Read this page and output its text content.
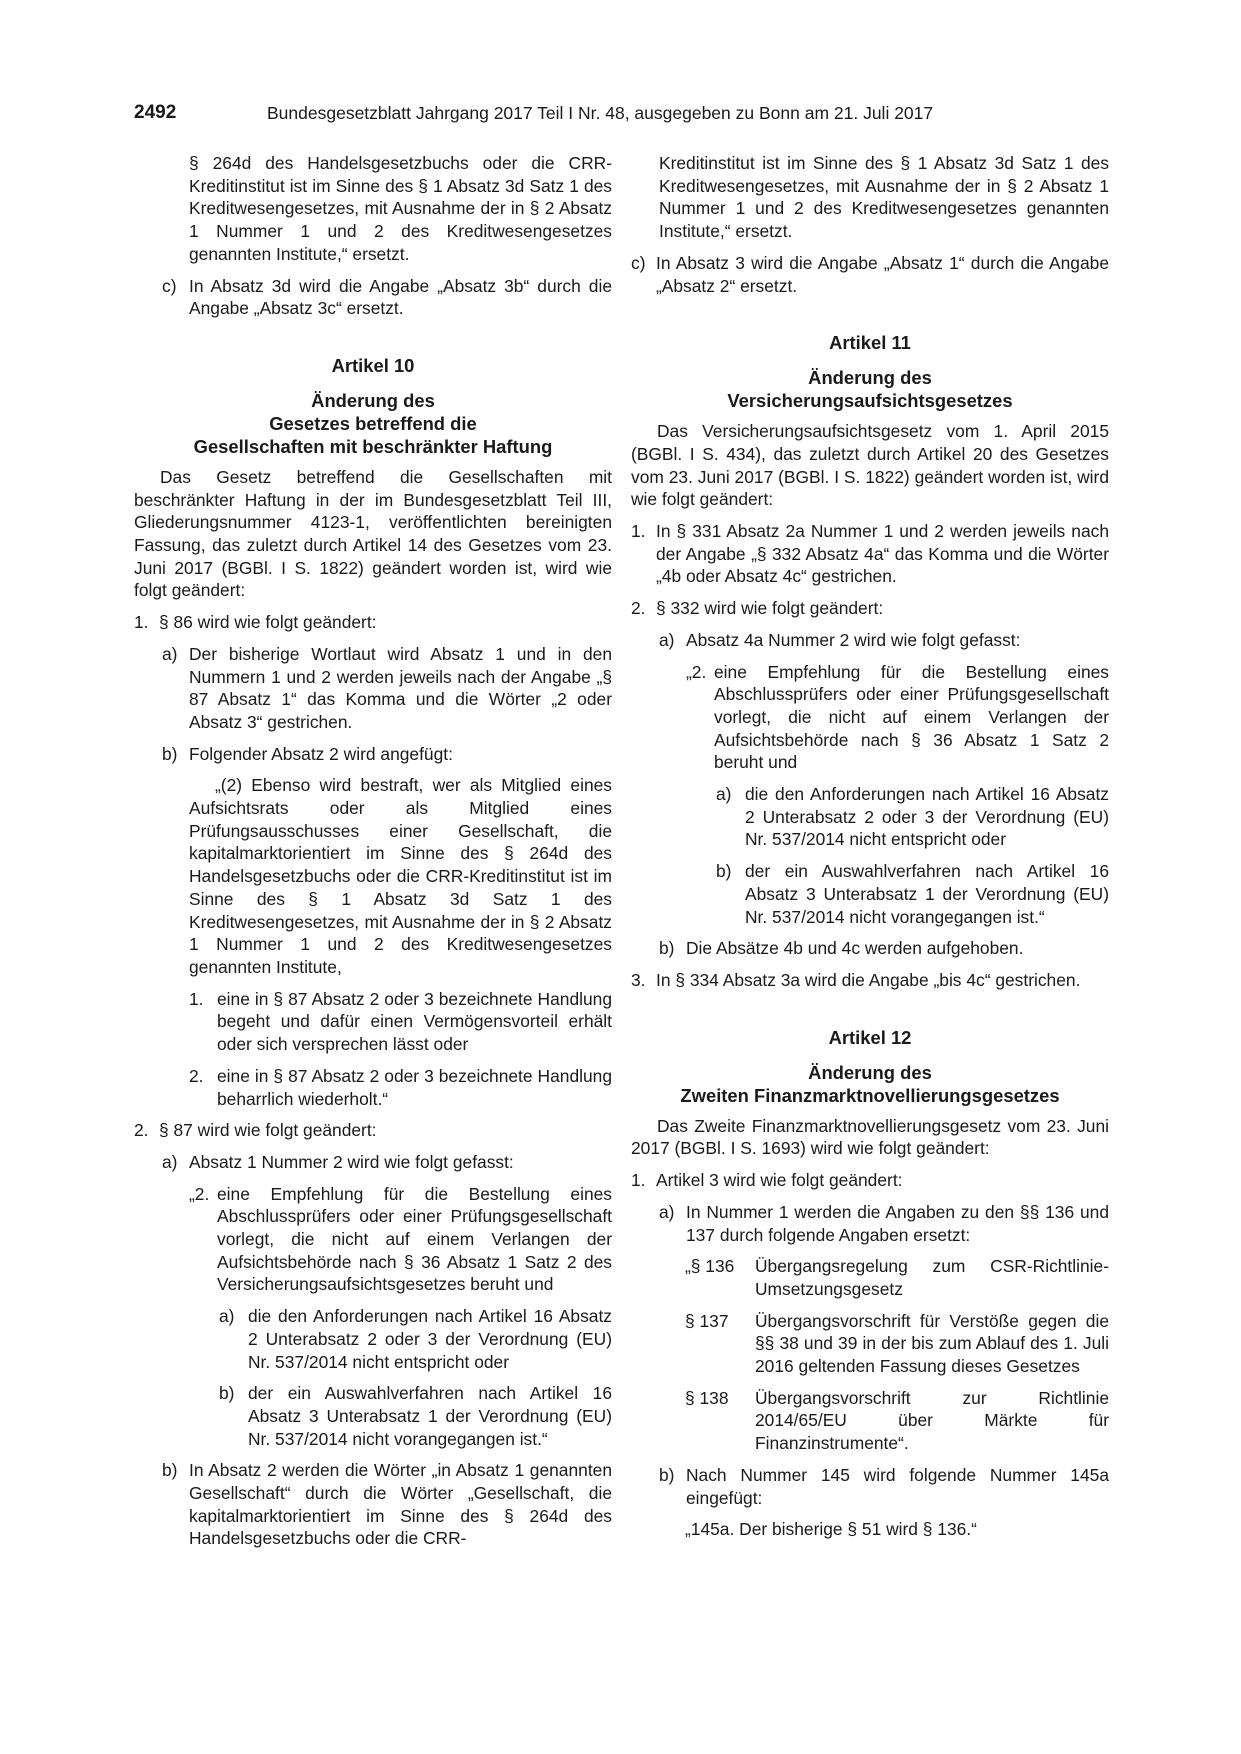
2492	Bundesgesetzblatt Jahrgang 2017 Teil I Nr. 48, ausgegeben zu Bonn am 21. Juli 2017

§ 264d des Handelsgesetzbuchs oder die CRR-Kreditinstitut ist im Sinne des § 1 Absatz 3d Satz 1 des Kreditwesengesetzes, mit Ausnahme der in § 2 Absatz 1 Nummer 1 und 2 des Kreditwesengesetzes genannten Institute,“ ersetzt.

c) In Absatz 3d wird die Angabe „Absatz 3b“ durch die Angabe „Absatz 3c“ ersetzt.

Artikel 10

Änderung des

Gesetzes betreffend die

Gesellschaften mit beschränkter Haftung

Das Gesetz betreffend die Gesellschaften mit beschränkter Haftung in der im Bundesgesetzblatt Teil III, Gliederungsnummer 4123-1, veröffentlichten bereinigten Fassung, das zuletzt durch Artikel 14 des Gesetzes vom 23. Juni 2017 (BGBl. I S. 1822) geändert worden ist, wird wie folgt geändert:

1. § 86 wird wie folgt geändert:
a) Der bisherige Wortlaut wird Absatz 1 und in den Nummern 1 und 2 werden jeweils nach der Angabe „§ 87 Absatz 1“ das Komma und die Wörter „2 oder Absatz 3“ gestrichen.
b) Folgender Absatz 2 wird angefügt:

„(2) Ebenso wird bestraft, wer als Mitglied eines Aufsichtsrats oder als Mitglied eines Prüfungsausschusses einer Gesellschaft, die kapitalmarktorientiert im Sinne des § 264d des Handelsgesetzbuchs oder die CRR-Kreditinstitut ist im Sinne des § 1 Absatz 3d Satz 1 des Kreditwesengesetzes, mit Ausnahme der in § 2 Absatz 1 Nummer 1 und 2 des Kreditwesengesetzes genannten Institute,

1. eine in § 87 Absatz 2 oder 3 bezeichnete Handlung begeht und dafür einen Vermögensvorteil erhält oder sich versprechen lässt oder
2. eine in § 87 Absatz 2 oder 3 bezeichnete Handlung beharrlich wiederholt.“
2. § 87 wird wie folgt geändert:
a) Absatz 1 Nummer 2 wird wie folgt gefasst:
„2. eine Empfehlung für die Bestellung eines Abschlussprüfers oder einer Prüfungsgesellschaft vorlegt, die nicht auf einem Verlangen der Aufsichtsbehörde nach § 36 Absatz 1 Satz 2 des Versicherungsaufsichtsgesetzes beruht und
a) die den Anforderungen nach Artikel 16 Absatz 2 Unterabsatz 2 oder 3 der Verordnung (EU) Nr. 537/2014 nicht entspricht oder
b) der ein Auswahlverfahren nach Artikel 16 Absatz 3 Unterabsatz 1 der Verordnung (EU) Nr. 537/2014 nicht vorangegangen ist.“
b) In Absatz 2 werden die Wörter „in Absatz 1 genannten Gesellschaft“ durch die Wörter „Gesellschaft, die kapitalmarktorientiert im Sinne des § 264d des Handelsgesetzbuchs oder die CRR-

Kreditinstitut ist im Sinne des § 1 Absatz 3d Satz 1 des Kreditwesengesetzes, mit Ausnahme der in § 2 Absatz 1 Nummer 1 und 2 des Kreditwesengesetzes genannten Institute,“ ersetzt.

c) In Absatz 3 wird die Angabe „Absatz 1“ durch die Angabe „Absatz 2“ ersetzt.

Artikel 11

Änderung des

Versicherungsaufsichtsgesetzes

Das Versicherungsaufsichtsgesetz vom 1. April 2015 (BGBl. I S. 434), das zuletzt durch Artikel 20 des Gesetzes vom 23. Juni 2017 (BGBl. I S. 1822) geändert worden ist, wird wie folgt geändert:

1. In § 331 Absatz 2a Nummer 1 und 2 werden jeweils nach der Angabe „§ 332 Absatz 4a“ das Komma und die Wörter „4b oder Absatz 4c“ gestrichen.
2. § 332 wird wie folgt geändert:
a) Absatz 4a Nummer 2 wird wie folgt gefasst:
„2. eine Empfehlung für die Bestellung eines Abschlussprüfers oder einer Prüfungsgesellschaft vorlegt, die nicht auf einem Verlangen der Aufsichtsbehörde nach § 36 Absatz 1 Satz 2 beruht und
a) die den Anforderungen nach Artikel 16 Absatz 2 Unterabsatz 2 oder 3 der Verordnung (EU) Nr. 537/2014 nicht entspricht oder
b) der ein Auswahlverfahren nach Artikel 16 Absatz 3 Unterabsatz 1 der Verordnung (EU) Nr. 537/2014 nicht vorangegangen ist.“
b) Die Absätze 4b und 4c werden aufgehoben.
3. In § 334 Absatz 3a wird die Angabe „bis 4c“ gestrichen.

Artikel 12

Änderung des

Zweiten Finanzmarktnovellierungsgesetzes

Das Zweite Finanzmarktnovellierungsgesetz vom 23. Juni 2017 (BGBl. I S. 1693) wird wie folgt geändert:

1. Artikel 3 wird wie folgt geändert:
a) In Nummer 1 werden die Angaben zu den §§ 136 und 137 durch folgende Angaben ersetzt:
„§ 136	Übergangsregelung zum CSR-Richtlinie-Umsetzungsgesetz
§ 137	Übergangsvorschrift für Verstöße gegen die §§ 38 und 39 in der bis zum Ablauf des 1. Juli 2016 geltenden Fassung dieses Gesetzes
§ 138	Übergangsvorschrift zur Richtlinie 2014/65/EU über Märkte für Finanzinstrumente“.
b) Nach Nummer 145 wird folgende Nummer 145a eingefügt:

„145a. Der bisherige § 51 wird § 136.“
